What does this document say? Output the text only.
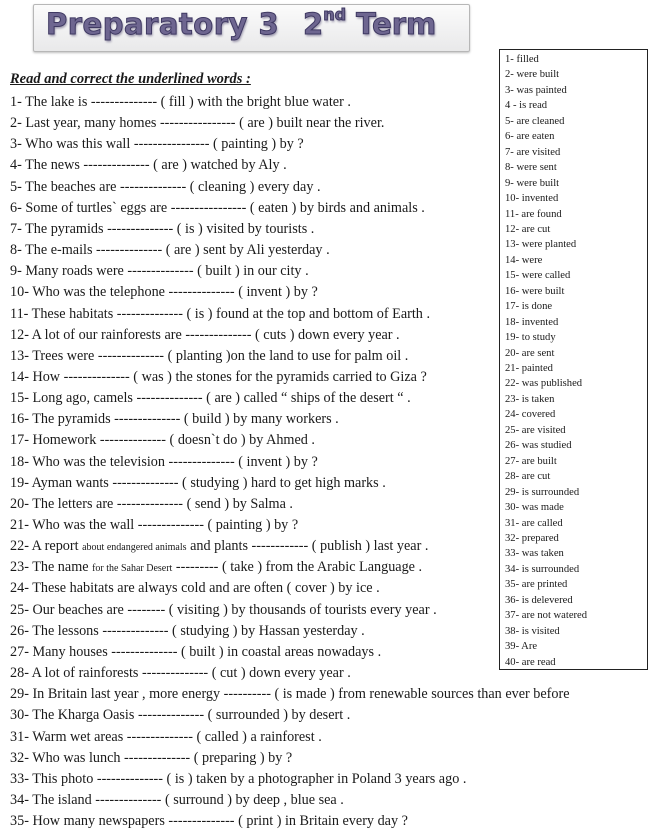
Preparatory 3 2nd Term
Read and correct the underlined words :
1- The lake is -------------- ( fill ) with the bright blue water .
2- Last year, many homes ---------------- ( are ) built near the river.
3- Who was this wall ---------------- ( painting ) by ?
4- The news -------------- ( are ) watched by Aly .
5- The beaches are -------------- ( cleaning ) every day .
6- Some of turtles` eggs are ---------------- ( eaten ) by birds and animals .
7- The pyramids -------------- ( is ) visited by tourists .
8- The e-mails -------------- ( are ) sent by Ali yesterday .
9- Many roads were -------------- ( built ) in our city .
10- Who was the telephone -------------- ( invent ) by ?
11- These habitats -------------- ( is ) found at the top and bottom of Earth .
12- A lot of our rainforests are -------------- ( cuts ) down every year .
13- Trees were -------------- ( planting )on the land to use for palm oil .
14- How -------------- ( was ) the stones for the pyramids carried to Giza ?
15- Long ago, camels -------------- ( are ) called “ ships of the desert “ .
16- The pyramids -------------- ( build ) by many workers .
17- Homework -------------- ( doesn`t do ) by Ahmed .
18- Who was the television -------------- ( invent ) by ?
19- Ayman wants -------------- ( studying ) hard to get high marks .
20- The letters are -------------- ( send ) by Salma .
21- Who was the wall -------------- ( painting ) by ?
22- A report about endangered animals and plants ------------ ( publish ) last year .
23- The name for the Sahar Desert --------- ( take ) from the Arabic Language .
24- These habitats are always cold and are often ( cover ) by ice .
25- Our beaches are -------- ( visiting ) by thousands of tourists every year .
26- The lessons -------------- ( studying ) by Hassan yesterday .
27- Many houses -------------- ( built ) in coastal areas nowadays .
28- A lot of rainforests -------------- ( cut ) down every year .
29- In Britain last year , more energy ---------- ( is made ) from renewable sources than ever before
30- The Kharga Oasis -------------- ( surrounded ) by desert .
31- Warm wet areas -------------- ( called ) a rainforest .
32- Who was lunch -------------- ( preparing ) by ?
33- This photo -------------- ( is ) taken by a photographer in Poland 3 years ago .
34- The island -------------- ( surround ) by deep , blue sea .
35- How many newspapers -------------- ( print ) in Britain every day ?
1- filled
2- were built
3- was painted
4 - is read
5- are cleaned
6- are eaten
7- are visited
8- were sent
9- were built
10- invented
11- are found
12- are cut
13- were planted
14- were
15- were called
16- were built
17- is done
18- invented
19- to study
20- are sent
21- painted
22- was published
23- is taken
24- covered
25- are visited
26- was studied
27- are built
28- are cut
29- is surrounded
30- was made
31- are called
32- prepared
33- was taken
34- is surrounded
35- are printed
36- is delevered
37- are not watered
38- is visited
39- Are
40- are read
